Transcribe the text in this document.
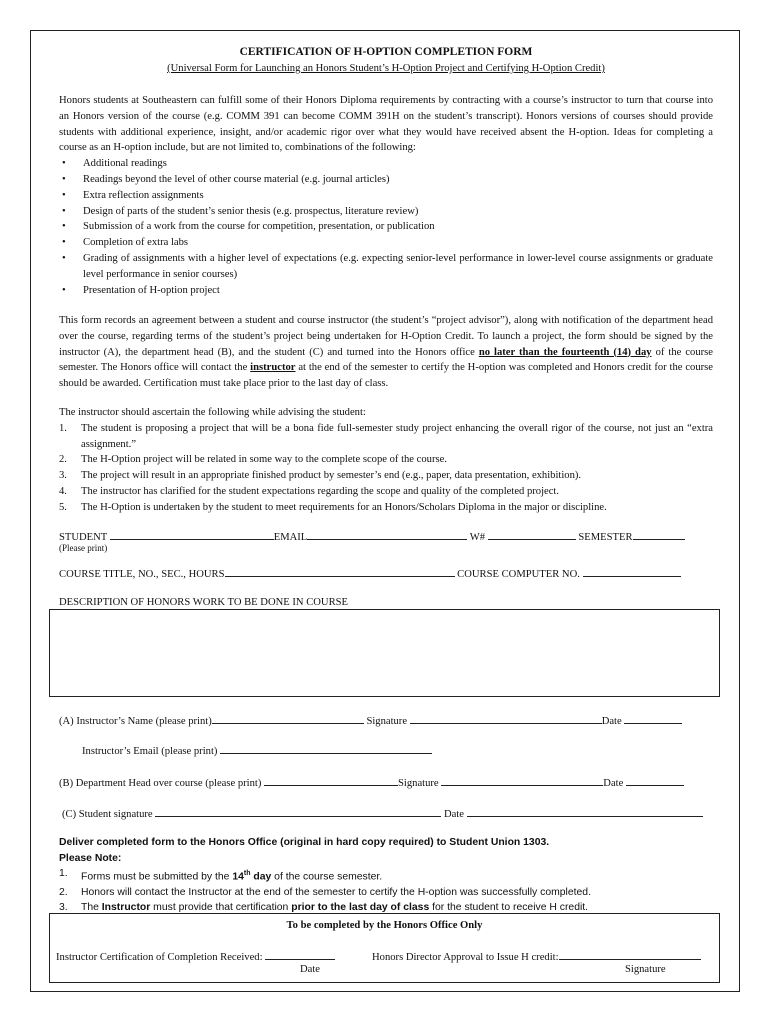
CERTIFICATION OF H-OPTION COMPLETION FORM
(Universal Form for Launching an Honors Student’s H-Option Project and Certifying H-Option Credit)
Honors students at Southeastern can fulfill some of their Honors Diploma requirements by contracting with a course’s instructor to turn that course into an Honors version of the course (e.g. COMM 391 can become COMM 391H on the student’s transcript). Honors versions of courses should provide students with additional experience, insight, and/or academic rigor over what they would have received absent the H-option. Ideas for completing a course as an H-option include, but are not limited to, combinations of the following:
• Additional readings
• Readings beyond the level of other course material (e.g. journal articles)
• Extra reflection assignments
• Design of parts of the student’s senior thesis (e.g. prospectus, literature review)
• Submission of a work from the course for competition, presentation, or publication
• Completion of extra labs
• Grading of assignments with a higher level of expectations (e.g. expecting senior-level performance in lower-level course assignments or graduate level performance in senior courses)
• Presentation of H-option project
This form records an agreement between a student and course instructor (the student’s “project advisor”), along with notification of the department head over the course, regarding terms of the student’s project being undertaken for H-Option Credit. To launch a project, the form should be signed by the instructor (A), the department head (B), and the student (C) and turned into the Honors office no later than the fourteenth (14) day of the course semester. The Honors office will contact the instructor at the end of the semester to certify the H-option was completed and Honors credit for the course should be awarded. Certification must take place prior to the last day of class.
The instructor should ascertain the following while advising the student:
1. The student is proposing a project that will be a bona fide full-semester study project enhancing the overall rigor of the course, not just an “extra assignment.”
2. The H-Option project will be related in some way to the complete scope of the course.
3. The project will result in an appropriate finished product by semester’s end (e.g., paper, data presentation, exhibition).
4. The instructor has clarified for the student expectations regarding the scope and quality of the completed project.
5. The H-Option is undertaken by the student to meet requirements for an Honors/Scholars Diploma in the major or discipline.
STUDENT	EMAIL	W#	SEMESTER
(Please print)
COURSE TITLE, NO., SEC., HOURS	COURSE COMPUTER NO.
DESCRIPTION OF HONORS WORK TO BE DONE IN COURSE
(A) Instructor’s Name (please print)	Signature	Date
Instructor’s Email (please print)
(B) Department Head over course (please print)	Signature	Date
(C) Student signature	Date
Deliver completed form to the Honors Office (original in hard copy required) to Student Union 1303.
Please Note:
1. Forms must be submitted by the 14th day of the course semester.
2. Honors will contact the Instructor at the end of the semester to certify the H-option was successfully completed.
3. The Instructor must provide that certification prior to the last day of class for the student to receive H credit.
To be completed by the Honors Office Only
Instructor Certification of Completion Received:	Honors Director Approval to Issue H credit:
Date	Signature
